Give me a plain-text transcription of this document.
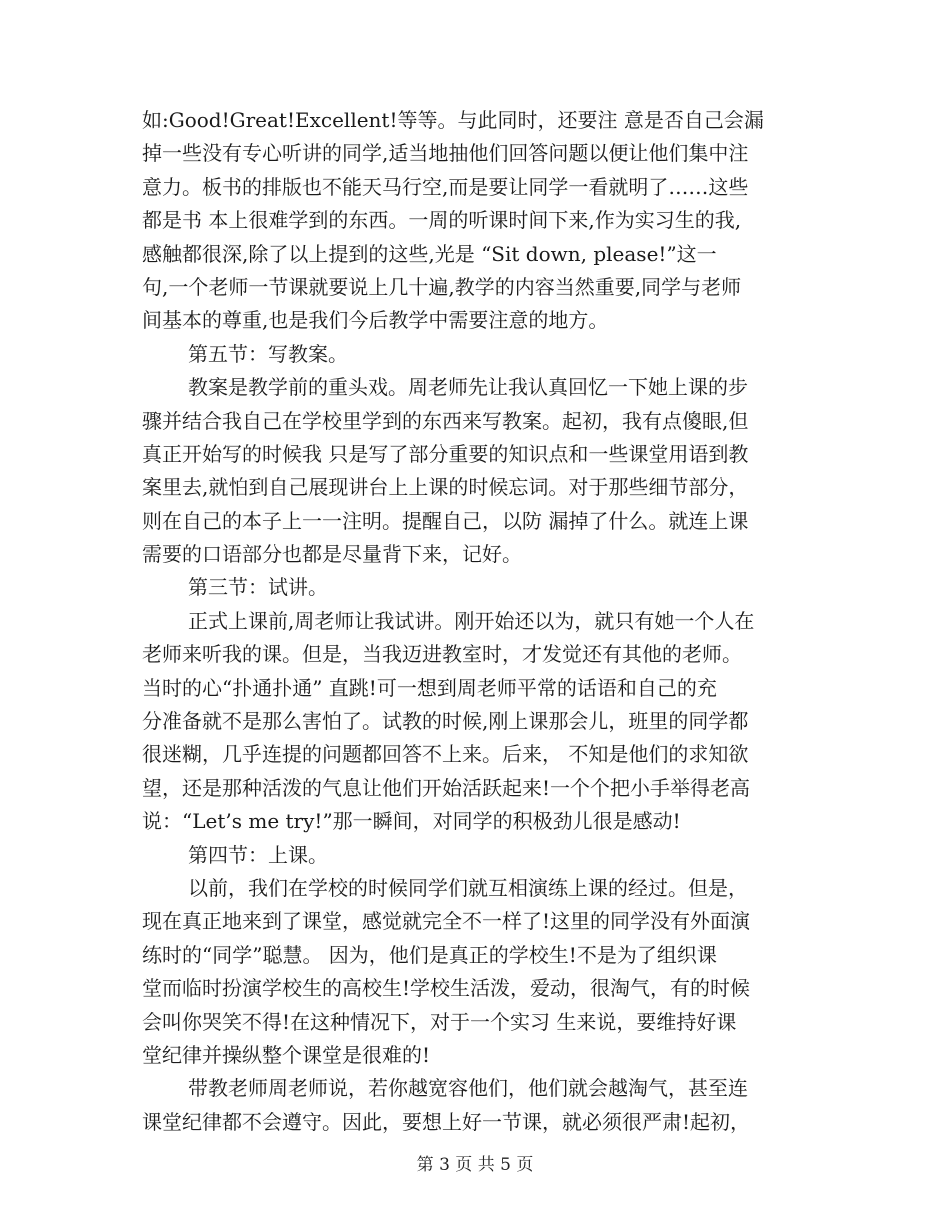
如:Good!Great!Excellent!等等。与此同时，还要注 意是否自己会漏
掉一些没有专心听讲的同学,适当地抽他们回答问题以便让他们集中注
意力。板书的排版也不能天马行空,而是要让同学一看就明了……这些
都是书 本上很难学到的东西。一周的听课时间下来,作为实习生的我,
感触都很深,除了以上提到的这些,光是 “Sit down, please!”这一
句,一个老师一节课就要说上几十遍,教学的内容当然重要,同学与老师
间基本的尊重,也是我们今后教学中需要注意的地方。
第五节：写教案。
教案是教学前的重头戏。周老师先让我认真回忆一下她上课的步
骤并结合我自己在学校里学到的东西来写教案。起初，我有点傻眼,但
真正开始写的时候我 只是写了部分重要的知识点和一些课堂用语到教
案里去,就怕到自己展现讲台上上课的时候忘词。对于那些细节部分，
则在自己的本子上一一注明。提醒自己，以防 漏掉了什么。就连上课
需要的口语部分也都是尽量背下来，记好。
第三节：试讲。
正式上课前,周老师让我试讲。刚开始还以为，就只有她一个人在
老师来听我的课。但是，当我迈进教室时，才发觉还有其他的老师。
当时的心“扑通扑通” 直跳!可一想到周老师平常的话语和自己的充
分准备就不是那么害怕了。试教的时候,刚上课那会儿，班里的同学都
很迷糊，几乎连提的问题都回答不上来。后来， 不知是他们的求知欲
望，还是那种活泼的气息让他们开始活跃起来!一个个把小手举得老高
说：“Let’s me try!”那一瞬间，对同学的积极劲儿很是感动!
第四节：上课。
以前，我们在学校的时候同学们就互相演练上课的经过。但是，
现在真正地来到了课堂，感觉就完全不一样了!这里的同学没有外面演
练时的“同学”聪慧。 因为，他们是真正的学校生!不是为了组织课
堂而临时扮演学校生的高校生!学校生活泼，爱动，很淘气，有的时候
会叫你哭笑不得!在这种情况下，对于一个实习 生来说，要维持好课
堂纪律并操纵整个课堂是很难的!
带教老师周老师说，若你越宽容他们，他们就会越淘气，甚至连
课堂纪律都不会遵守。因此，要想上好一节课，就必须很严肃!起初，
第 3 页 共 5 页
